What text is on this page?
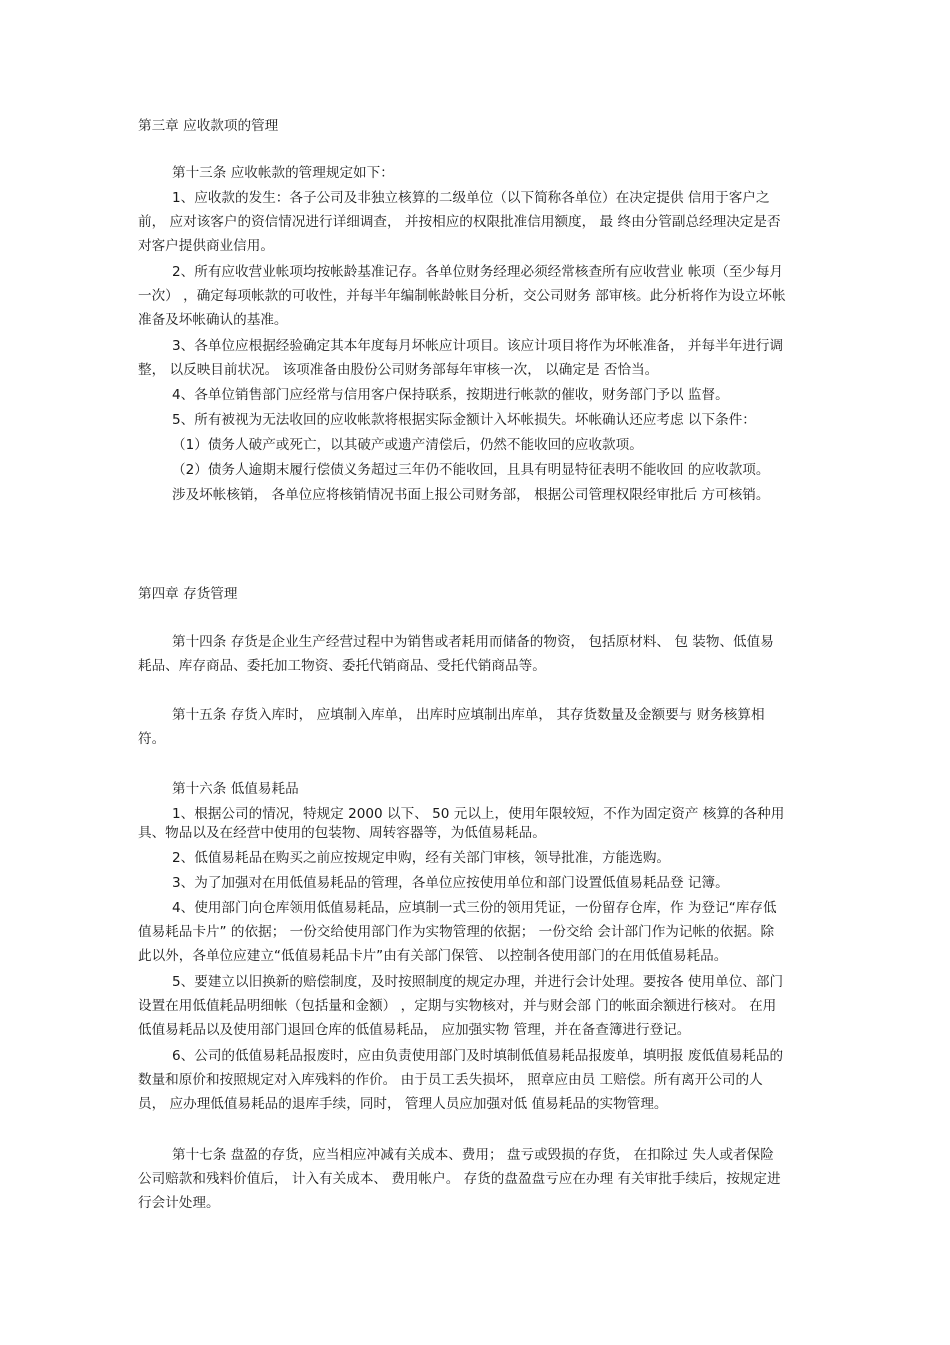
第三章 应收款项的管理
第十三条 应收帐款的管理规定如下：
1、应收款的发生：各子公司及非独立核算的二级单位（以下简称各单位）在决定提供 信用于客户之
前， 应对该客户的资信情况进行详细调查， 并按相应的权限批准信用额度， 最 终由分管副总经理决定是否
对客户提供商业信用。
2、所有应收营业帐项均按帐龄基准记存。各单位财务经理必须经常核查所有应收营业 帐项（至少每月
一次） ，确定每项帐款的可收性，并每半年编制帐龄帐目分析，交公司财务 部审核。此分析将作为设立坏帐
准备及坏帐确认的基准。
3、各单位应根据经验确定其本年度每月坏帐应计项目。该应计项目将作为坏帐准备， 并每半年进行调
整， 以反映目前状况。 该项准备由股份公司财务部每年审核一次， 以确定是 否恰当。
4、各单位销售部门应经常与信用客户保持联系，按期进行帐款的催收，财务部门予以 监督。
5、所有被视为无法收回的应收帐款将根据实际金额计入坏帐损失。坏帐确认还应考虑 以下条件：
（1）债务人破产或死亡，以其破产或遗产清偿后，仍然不能收回的应收款项。
（2）债务人逾期末履行偿债义务超过三年仍不能收回，且具有明显特征表明不能收回 的应收款项。
涉及坏帐核销， 各单位应将核销情况书面上报公司财务部， 根据公司管理权限经审批后 方可核销。
第四章 存货管理
第十四条 存货是企业生产经营过程中为销售或者耗用而储备的物资， 包括原材料、 包 装物、低值易
耗品、库存商品、委托加工物资、委托代销商品、受托代销商品等。
第十五条 存货入库时， 应填制入库单， 出库时应填制出库单， 其存货数量及金额要与 财务核算相
符。
第十六条 低值易耗品
1、根据公司的情况，特规定 2000 以下、 50 元以上，使用年限较短，不作为固定资产 核算的各种用
具、物品以及在经营中使用的包装物、周转容器等，为低值易耗品。
2、低值易耗品在购买之前应按规定申购，经有关部门审核，领导批准，方能选购。
3、为了加强对在用低值易耗品的管理，各单位应按使用单位和部门设置低值易耗品登 记簿。
4、使用部门向仓库领用低值易耗品，应填制一式三份的领用凭证，一份留存仓库，作 为登记“库存低
值易耗品卡片” 的依据； 一份交给使用部门作为实物管理的依据； 一份交给 会计部门作为记帐的依据。除
此以外，各单位应建立“低值易耗品卡片”由有关部门保管、 以控制各使用部门的在用低值易耗品。
5、要建立以旧换新的赔偿制度，及时按照制度的规定办理，并进行会计处理。要按各 使用单位、部门
设置在用低值耗品明细帐（包括量和金额） ，定期与实物核对，并与财会部 门的帐面余额进行核对。 在用
低值易耗品以及使用部门退回仓库的低值易耗品， 应加强实物 管理，并在备查簿进行登记。
6、公司的低值易耗品报废时，应由负责使用部门及时填制低值易耗品报废单，填明报 废低值易耗品的
数量和原价和按照规定对入库残料的作价。 由于员工丢失损坏， 照章应由员 工赔偿。所有离开公司的人
员， 应办理低值易耗品的退库手续，同时， 管理人员应加强对低 值易耗品的实物管理。
第十七条 盘盈的存货，应当相应冲减有关成本、费用； 盘亏或毁损的存货， 在扣除过 失人或者保险
公司赔款和残料价值后， 计入有关成本、 费用帐户。 存货的盘盈盘亏应在办理 有关审批手续后，按规定进
行会计处理。
